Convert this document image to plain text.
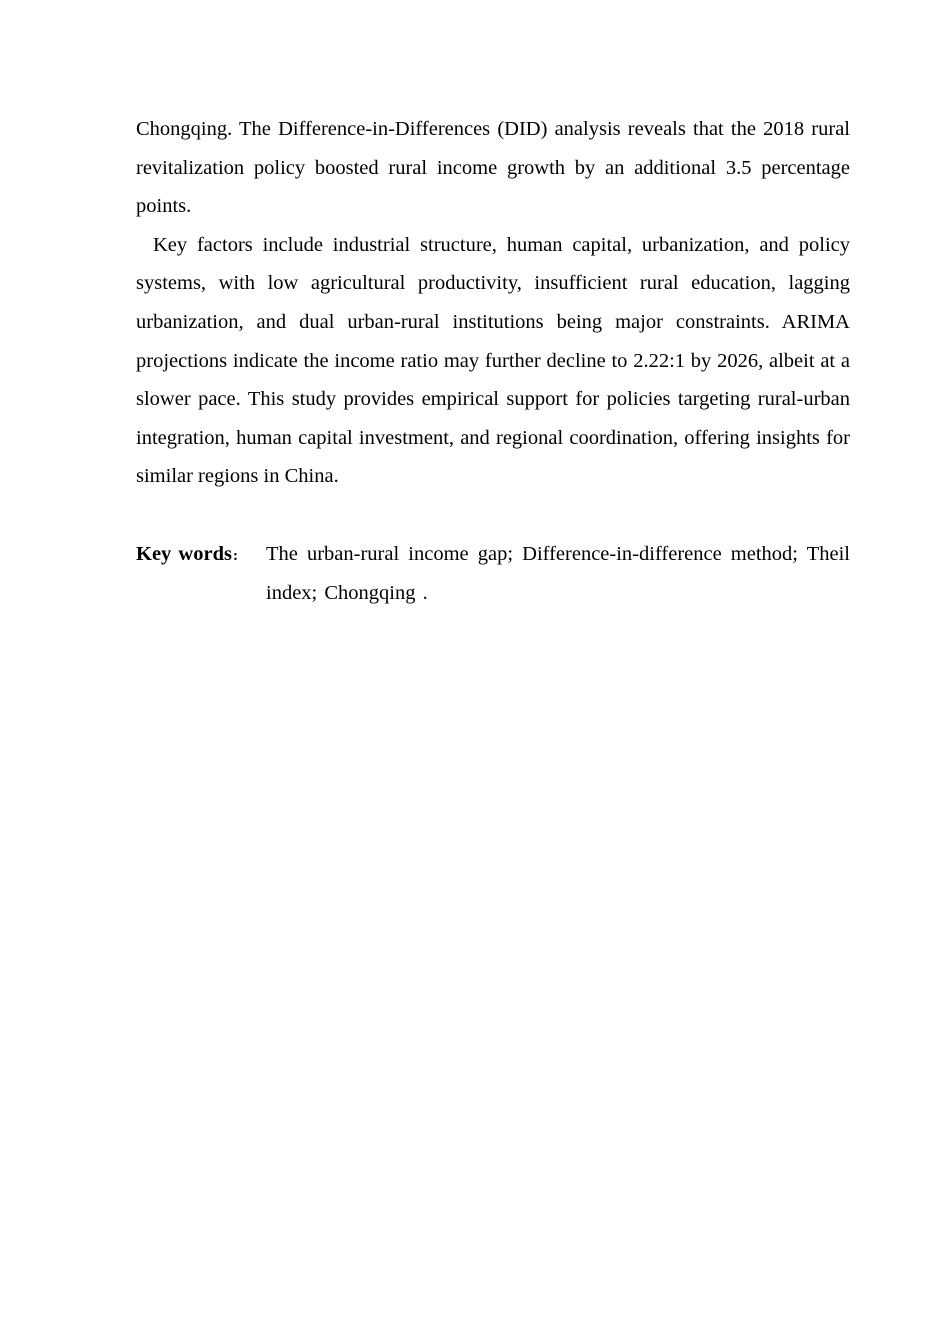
Chongqing. The Difference-in-Differences (DID) analysis reveals that the 2018 rural revitalization policy boosted rural income growth by an additional 3.5 percentage points.

Key factors include industrial structure, human capital, urbanization, and policy systems, with low agricultural productivity, insufficient rural education, lagging urbanization, and dual urban-rural institutions being major constraints. ARIMA projections indicate the income ratio may further decline to 2.22:1 by 2026, albeit at a slower pace. This study provides empirical support for policies targeting rural-urban integration, human capital investment, and regional coordination, offering insights for similar regions in China.

Key words:	The urban-rural income gap; Difference-in-difference method; Theil index; Chongqing .
